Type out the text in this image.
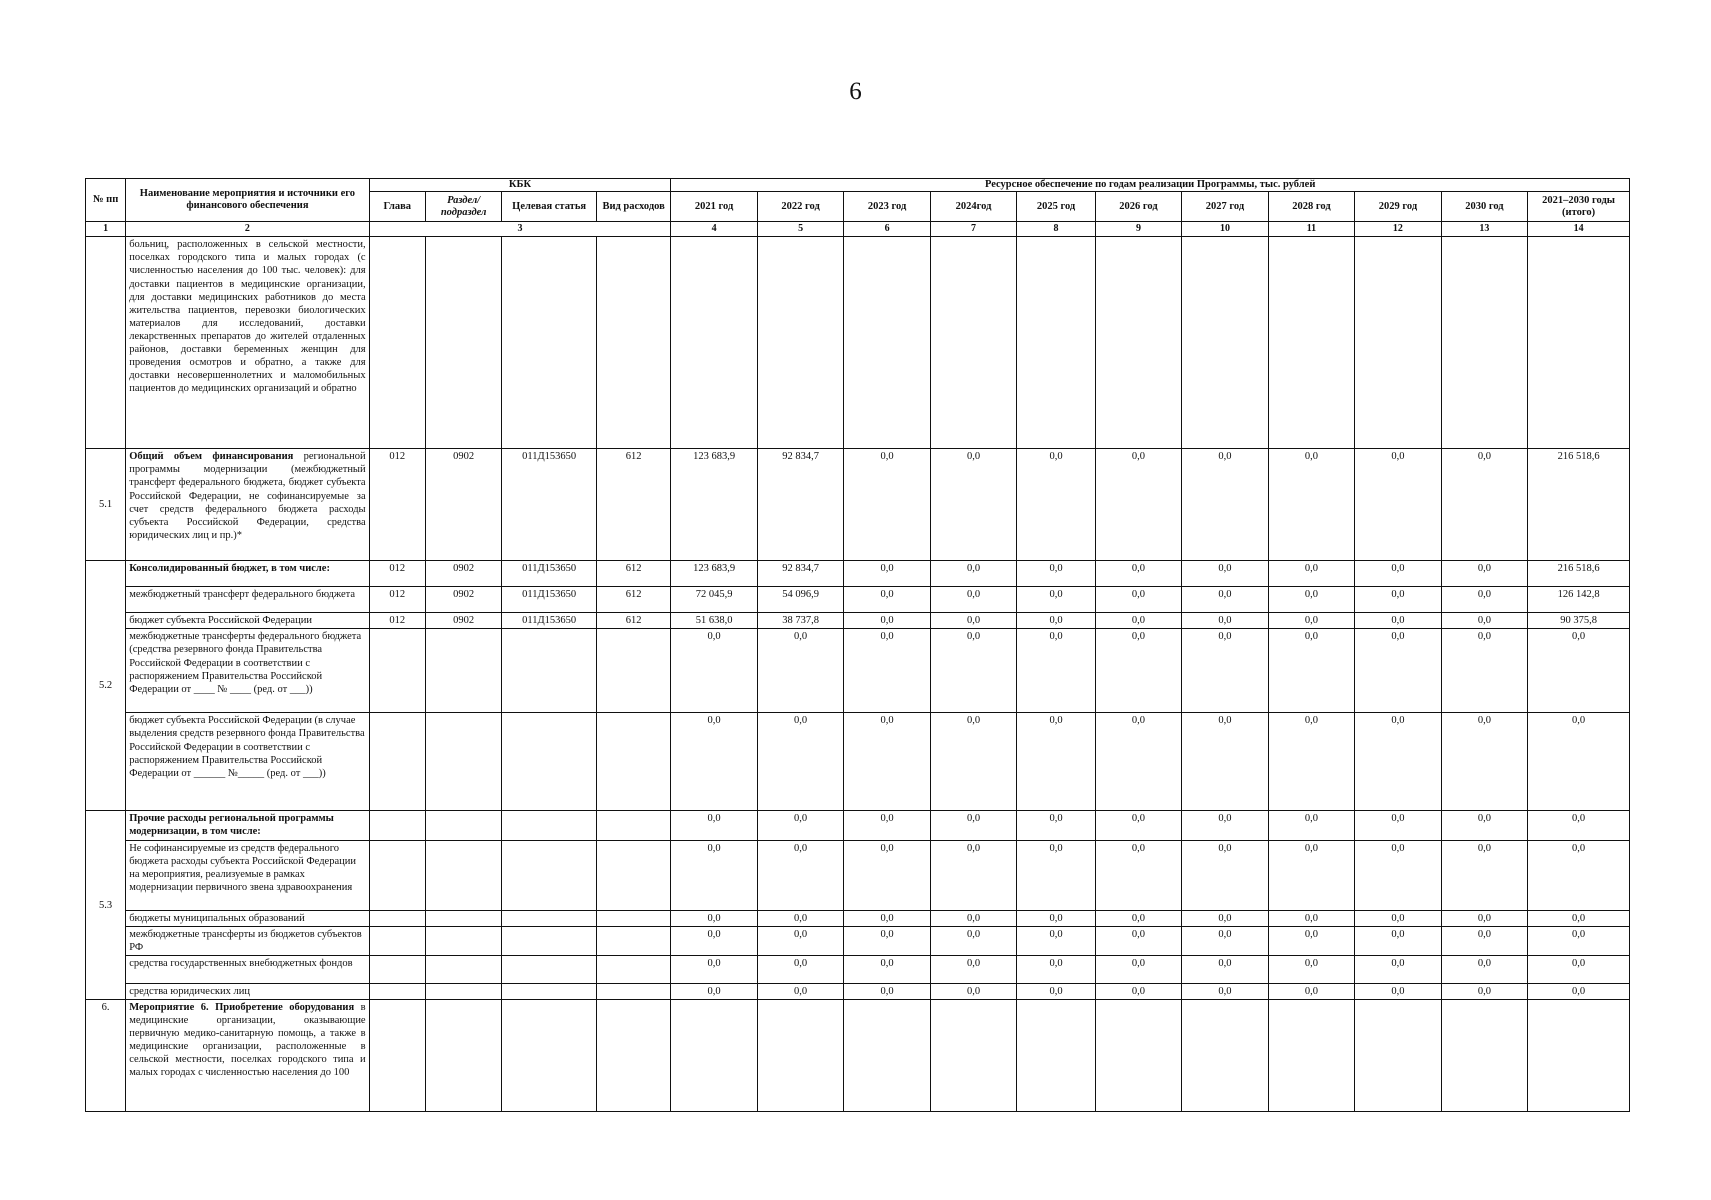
6
№ пп	Наименование мероприятия и источники его финансового обеспечения	КБК				Ресурсное обеспечение по годам реализации Программы, тыс. рублей										
		Глава	Раздел/ подраздел	Целевая статья	Вид расходов	2021 год	2022 год	2023 год	2024год	2025 год	2026 год	2027 год	2028 год	2029 год	2030 год	2021–2030 годы (итого)
1	2	3				4	5	6	7	8	9	10	11	12	13	14
	больниц, расположенных в сельской местности, поселках городского типа и малых городах (с численностью населения до 100 тыс. человек): для доставки пациентов в медицинские организации, для доставки медицинских работников до места жительства пациентов, перевозки биологических материалов для исследований, доставки лекарственных препаратов до жителей отдаленных районов, доставки беременных женщин для проведения осмотров и обратно, а также для доставки несовершеннолетних и маломобильных пациентов до медицинских организаций и обратно															
5.1	Общий объем финансирования региональной программы модернизации (межбюджетный трансферт федерального бюджета, бюджет субъекта Российской Федерации, не софинансируемые за счет средств федерального бюджета расходы субъекта Российской Федерации, средства юридических лиц и пр.)*	012	0902	011Д153650	612	123 683,9	92 834,7	0,0	0,0	0,0	0,0	0,0	0,0	0,0	0,0	216 518,6
5.2	Консолидированный бюджет, в том числе:	012	0902	011Д153650	612	123 683,9	92 834,7	0,0	0,0	0,0	0,0	0,0	0,0	0,0	0,0	216 518,6
	межбюджетный трансферт федерального бюджета	012	0902	011Д153650	612	72 045,9	54 096,9	0,0	0,0	0,0	0,0	0,0	0,0	0,0	0,0	126 142,8
	бюджет субъекта Российской Федерации	012	0902	011Д153650	612	51 638,0	38 737,8	0,0	0,0	0,0	0,0	0,0	0,0	0,0	0,0	90 375,8
	межбюджетные трансферты федерального бюджета (средства резервного фонда Правительства Российской Федерации в соответствии с распоряжением Правительства Российской Федерации от ____ № ____ (ред. от ___))					0,0	0,0	0,0	0,0	0,0	0,0	0,0	0,0	0,0	0,0	0,0
	бюджет субъекта Российской Федерации (в случае выделения средств резервного фонда Правительства Российской Федерации в соответствии с распоряжением Правительства Российской Федерации от ______ №_____ (ред. от ___))					0,0	0,0	0,0	0,0	0,0	0,0	0,0	0,0	0,0	0,0	0,0
5.3	Прочие расходы региональной программы модернизации, в том числе:					0,0	0,0	0,0	0,0	0,0	0,0	0,0	0,0	0,0	0,0	0,0
	Не софинансируемые из средств федерального бюджета расходы субъекта Российской Федерации на мероприятия, реализуемые в рамках модернизации первичного звена здравоохранения					0,0	0,0	0,0	0,0	0,0	0,0	0,0	0,0	0,0	0,0	0,0
	бюджеты муниципальных образований					0,0	0,0	0,0	0,0	0,0	0,0	0,0	0,0	0,0	0,0	0,0
	межбюджетные трансферты из бюджетов субъектов РФ					0,0	0,0	0,0	0,0	0,0	0,0	0,0	0,0	0,0	0,0	0,0
	средства государственных внебюджетных фондов					0,0	0,0	0,0	0,0	0,0	0,0	0,0	0,0	0,0	0,0	0,0
	средства юридических лиц					0,0	0,0	0,0	0,0	0,0	0,0	0,0	0,0	0,0	0,0	0,0
6.	Мероприятие 6. Приобретение оборудования в медицинские организации, оказывающие первичную медико-санитарную помощь, а также в медицинские организации, расположенные в сельской местности, поселках городского типа и малых городах с численностью населения до 100															
